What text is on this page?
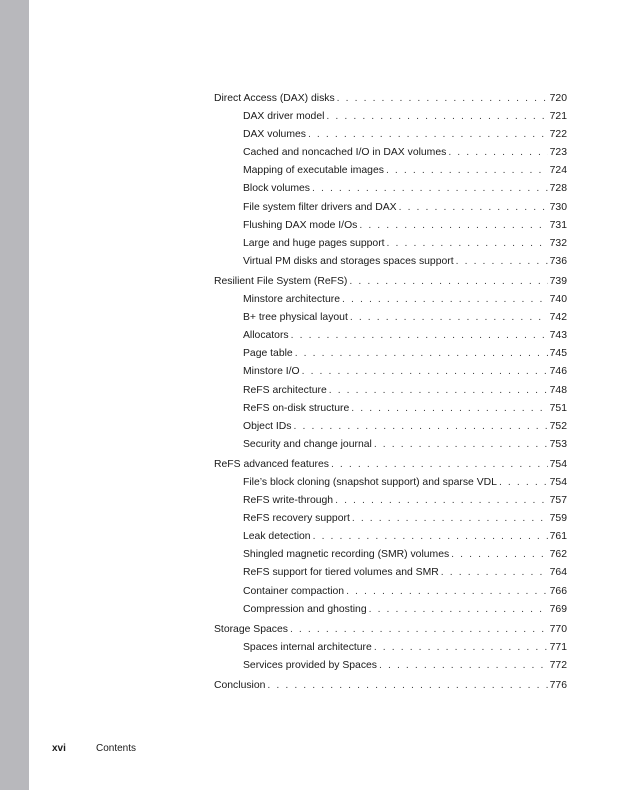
Direct Access (DAX) disks . . .	720
DAX driver model . . .	721
DAX volumes . . .	722
Cached and noncached I/O in DAX volumes . . .	723
Mapping of executable images . . .	724
Block volumes . . .	728
File system filter drivers and DAX . . .	730
Flushing DAX mode I/Os . . .	731
Large and huge pages support . . .	732
Virtual PM disks and storages spaces support . . .	736
Resilient File System (ReFS) . . .	739
Minstore architecture . . .	740
B+ tree physical layout . . .	742
Allocators . . .	743
Page table . . .	745
Minstore I/O . . .	746
ReFS architecture . . .	748
ReFS on-disk structure . . .	751
Object IDs . . .	752
Security and change journal . . .	753
ReFS advanced features . . .	754
File’s block cloning (snapshot support) and sparse VDL . . .	754
ReFS write-through . . .	757
ReFS recovery support . . .	759
Leak detection . . .	761
Shingled magnetic recording (SMR) volumes . . .	762
ReFS support for tiered volumes and SMR . . .	764
Container compaction . . .	766
Compression and ghosting . . .	769
Storage Spaces . . .	770
Spaces internal architecture . . .	771
Services provided by Spaces . . .	772
Conclusion . . .	776
xvi	Contents
